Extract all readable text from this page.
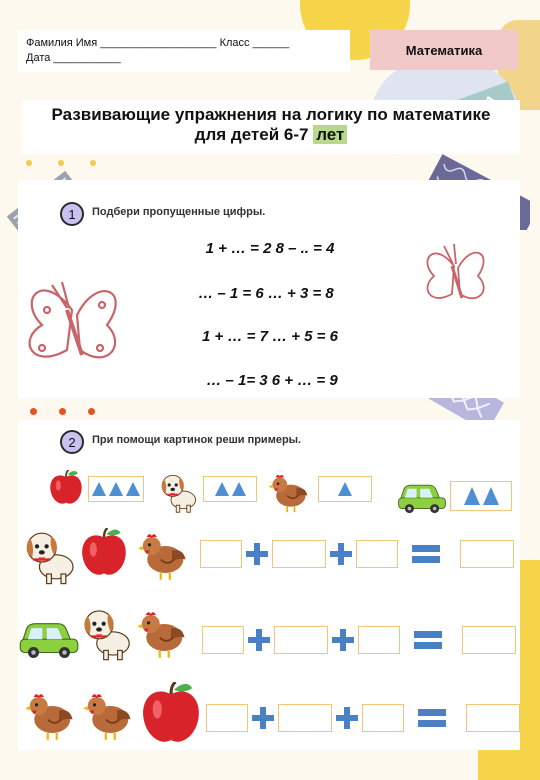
Фамилия Имя ___________________ Класс ______
Дата ___________
Математика
Развивающие упражнения на логику по математике
для детей 6-7 лет
1	Подбери пропущенные цифры.
1 + … = 2 8 – .. = 4
… – 1 = 6 … + 3 = 8
1 + … = 7 … + 5 = 6
… – 1= 3 6 + … = 9
2	При помощи картинок реши примеры.
